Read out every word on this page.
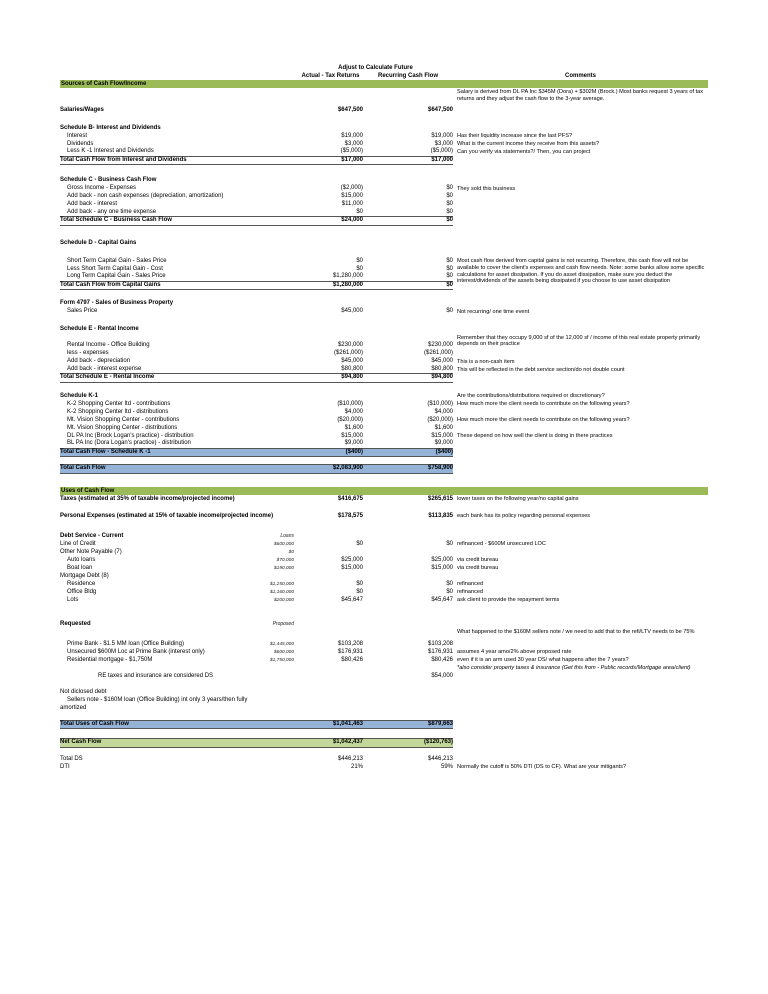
		Adjust to Calculate Future		
		Actual - Tax Returns	Recurring Cash Flow	Comments
Sources of Cash Flow/Income				
				Salary is derived from DL PA Inc $345M (Dora) + $302M (Brock.) Most banks request 3 years of tax returns and they adjust the cash flow to the 3-year average.
Salaries/Wages		$647,500	$647,500	

Schedule B- Interest and Dividends				
Interest		$19,000	$19,000	Has their liquidity increase since the last PFS?
Dividends		$3,000	$3,000	What is the current income they receive from this assets?
Less K -1 Interest and Dividends		($5,000)	($5,000)	Can you verify via statements?/ Then, you can project
Total Cash Flow from Interest and Dividends		$17,000	$17,000	

Schedule C - Business Cash Flow				
Gross Income - Expenses		($2,000)	$0	They sold this business
Add back - non cash expenses (depreciation, amortization)		$15,000	$0	
Add back - interest		$11,000	$0	
Add back - any one time expense		$0	$0	
Total Schedule C - Business Cash Flow		$24,000	$0	

Schedule D - Capital Gains				

Short Term Capital Gain - Sales Price		$0	$0	Most cash flow derived from capital gains is not recurring. Therefore, this cash flow will not be available to cover the client's expenses and cash flow needs. Note: some banks allow some specific calculations for asset dissipation. If you do asset dissipation, make sure you deduct the interest/dividends of the assets being dissipated if you choose to use asset dissipation
Less Short Term Capital Gain - Cost		$0	$0	
Long Term Capital Gain - Sales Price		$1,280,000	$0	
Total Cash Flow from Capital Gains		$1,280,000	$0	

Form 4797 - Sales of Business Property				
Sales Price		$45,000	$0	Not recurring/ one time event

Schedule E - Rental Income				
				Remember that they occupy 9,000 sf of the 12,000 sf / income of this real estate property primarily depends on their practice
Rental Income - Office Building		$230,000	$230,000	
less - expenses		($261,000)	($261,000)	
Add back - depreciation		$45,000	$45,000	This is a non-cash item
Add back - interest expense		$80,800	$80,800	This will be reflected in the debt service section/do not double count
Total Schedule E - Rental Income		$94,800	$94,800	

Schedule K-1				Are the contributions/distributions required or discretionary?
K-2 Shopping Center ltd - contributions		($10,000)	($10,000)	How much more the client needs to contribute on the following years?
K-2 Shopping Center ltd - distributions		$4,000	$4,000	
Mt. Vision Shopping Center - contributions		($20,000)	($20,000)	How much more the client needs to contribute on the following years?
Mt. Vision Shopping Center - distributions		$1,600	$1,600	
DL PA Inc (Brock Logan's practice) - distribution		$15,000	$15,000	These depend on how well the client is doing in there practices
BL PA Inc (Dora Logan's practice) - distribution		$9,000	$9,000	
Total Cash Flow - Schedule K -1		($400)	($400)	

Total Cash Flow		$2,083,900	$758,900	

Uses of Cash Flow				
Taxes (estimated at 35% of taxable income/projected income)		$416,675	$265,615	lower taxes on the following year/no capital gains

Personal Expenses (estimated at 15% of taxable income/projected income)		$178,575	$113,835	each bank has its policy regarding personal expenses

Debt Service - Current	Loans			
Line of Credit	$600,000	$0	$0	refinanced - $600M unsecured LOC
Other Note Payable (7)	$0			
Auto loans	$70,000	$25,000	$25,000	via credit bureau
Boat loan	$190,000	$15,000	$15,000	via credit bureau
Mortgage Debt (8)				
Residence	$1,250,000	$0	$0	refinanced
Office Bldg	$1,160,000	$0	$0	refinanced
Lots	$200,000	$45,647	$45,647	ask client to provide the repayment terms

Requested	Proposed			
				What happened to the $160M sellers note / we need to add that to the refi/LTV needs to be 75%
Prime Bank - $1.5 MM loan (Office Building)	$1,445,000	$103,208	$103,208	
Unsecured $600M Loc at Prime Bank (interest only)	$600,000	$176,931	$176,931	assumes 4 year amo/2% above proposed rate
Residential mortgage - $1,750M	$1,750,000	$80,426	$80,426	even if it is an arm used 30 year DS/ what happens after the 7 years?
				*also consider property taxes & insurance (Get this from - Public records/Mortgage area/client)
RE taxes and insurance are considered DS			$54,000	

Not diclosed debt				
Sellers note - $160M loan (Office Building) int only 3 years/then fully				
amortized				

Total Uses of Cash Flow		$1,041,463	$879,663	

Net Cash Flow		$1,042,437	($120,763)	

Total DS		$446,213	$446,213	
DTI		21%	59%	Normally the cutoff is 50% DTI (DS to CF). What are your mitigants?
